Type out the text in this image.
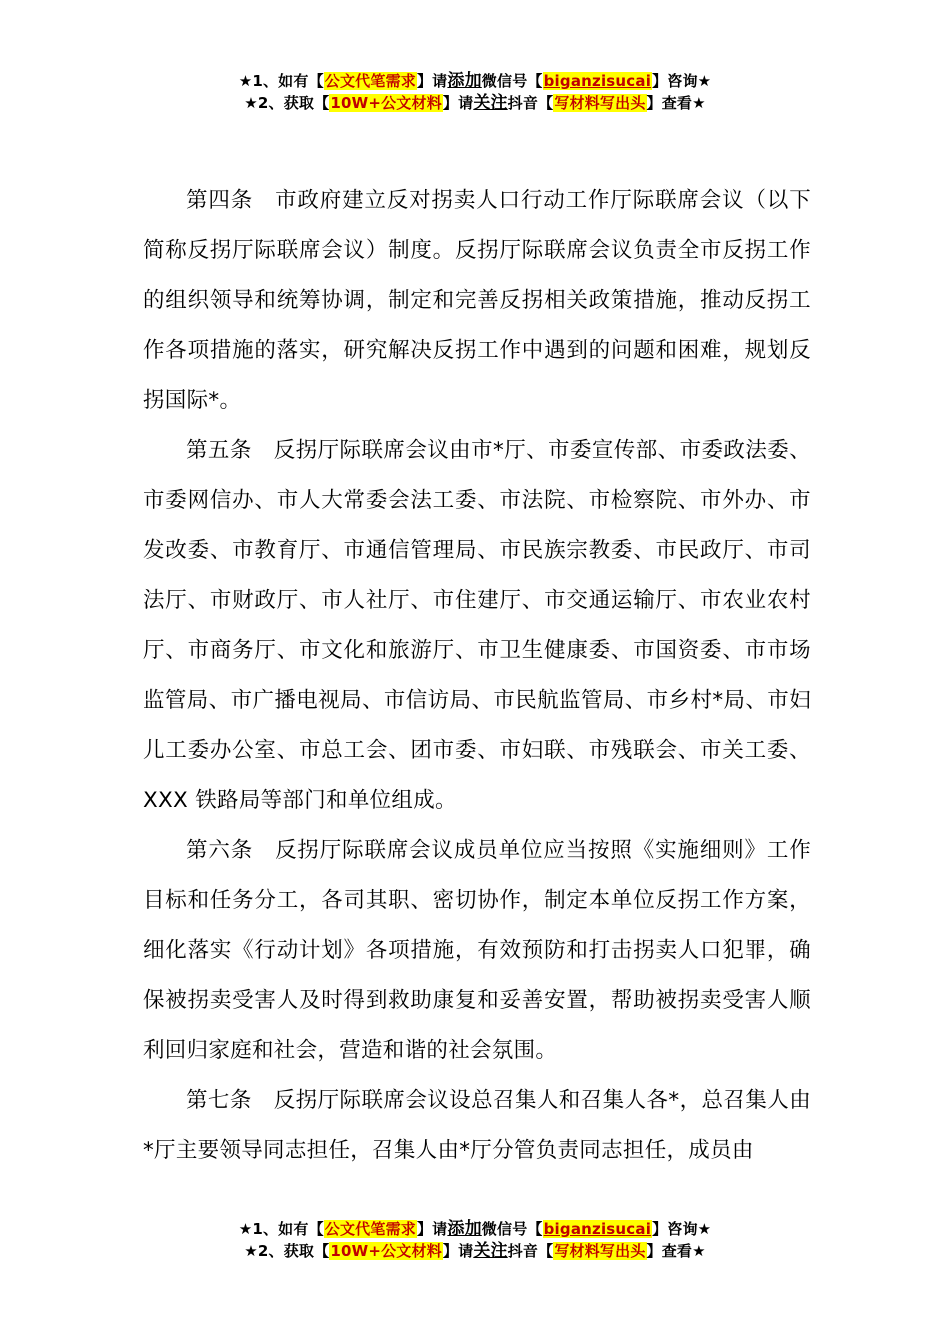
★1、如有【公文代笔需求】请添加微信号【biganzisucai】咨询★
★2、获取【10W+公文材料】请关注抖音【写材料写出头】查看★

第四条 市政府建立反对拐卖人口行动工作厅际联席会议（以下简称反拐厅际联席会议）制度。反拐厅际联席会议负责全市反拐工作的组织领导和统筹协调，制定和完善反拐相关政策措施，推动反拐工作各项措施的落实，研究解决反拐工作中遇到的问题和困难，规划反拐国际*。

第五条 反拐厅际联席会议由市*厅、市委宣传部、市委政法委、市委网信办、市人大常委会法工委、市法院、市检察院、市外办、市发改委、市教育厅、市通信管理局、市民族宗教委、市民政厅、市司法厅、市财政厅、市人社厅、市住建厅、市交通运输厅、市农业农村厅、市商务厅、市文化和旅游厅、市卫生健康委、市国资委、市市场监管局、市广播电视局、市信访局、市民航监管局、市乡村*局、市妇儿工委办公室、市总工会、团市委、市妇联、市残联会、市关工委、XXX 铁路局等部门和单位组成。

第六条 反拐厅际联席会议成员单位应当按照《实施细则》工作目标和任务分工，各司其职、密切协作，制定本单位反拐工作方案，细化落实《行动计划》各项措施，有效预防和打击拐卖人口犯罪，确保被拐卖受害人及时得到救助康复和妥善安置，帮助被拐卖受害人顺利回归家庭和社会，营造和谐的社会氛围。

第七条 反拐厅际联席会议设总召集人和召集人各*，总召集人由*厅主要领导同志担任，召集人由*厅分管负责同志担任，成员由

★1、如有【公文代笔需求】请添加微信号【biganzisucai】咨询★
★2、获取【10W+公文材料】请关注抖音【写材料写出头】查看★
